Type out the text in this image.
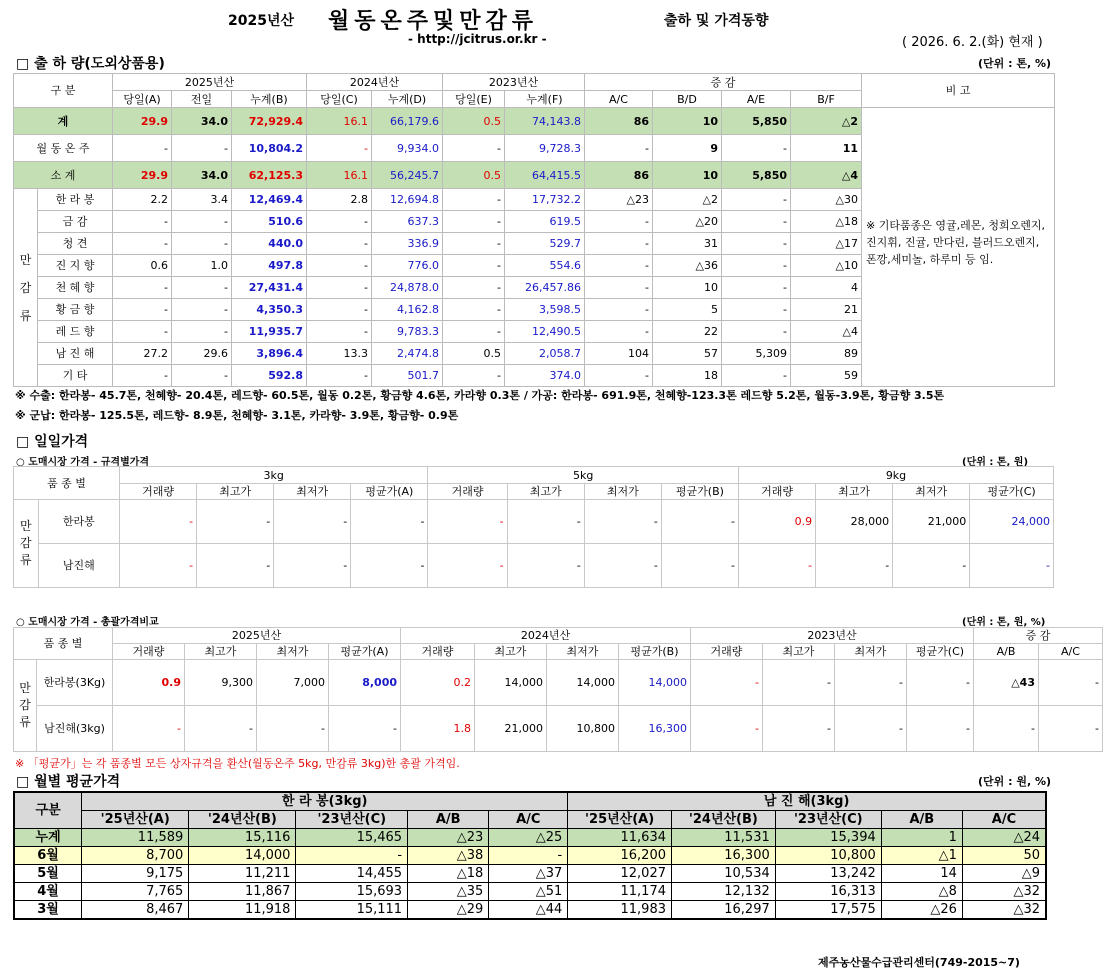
2025년산 월동온주및만감류	출하 및 가격동향
- http://jcitrus.or.kr -	( 2026. 6. 2.(화) 현재 )
□ 출 하 량(도외상품용)	(단위 : 톤, %)
구 분		2025년산			2024년산		2023년산		증 감				비 고
		당일(A)	전일	누계(B)	당일(C)	누계(D)	당일(E)	누계(F)	A/C	B/D	A/E	B/F	
계		29.9	34.0	72,929.4	16.1	66,179.6	0.5	74,143.8	86	10	5,850	△2	※ 기타품종은 영귤,레몬, 청희오렌지, 진지휘, 진귤, 만다린, 블러드오렌지, 폰깡,세미놀, 하루미 등 임.
월 동 온 주		-	-	10,804.2	-	9,934.0	-	9,728.3	-	9	-	11	
소 계		29.9	34.0	62,125.3	16.1	56,245.7	0.5	64,415.5	86	10	5,850	△4	
만 감 류	한 라 봉	2.2	3.4	12,469.4	2.8	12,694.8	-	17,732.2	△23	△2	-	△30	
	금 감	-	-	510.6	-	637.3	-	619.5	-	△20	-	△18	
	청 견	-	-	440.0	-	336.9	-	529.7	-	31	-	△17	
	진 지 향	0.6	1.0	497.8	-	776.0	-	554.6	-	△36	-	△10	
	천 혜 향	-	-	27,431.4	-	24,878.0	-	26,457.86	-	10	-	4	
	황 금 향	-	-	4,350.3	-	4,162.8	-	3,598.5	-	5	-	21	
	레 드 향	-	-	11,935.7	-	9,783.3	-	12,490.5	-	22	-	△4	
	남 진 해	27.2	29.6	3,896.4	13.3	2,474.8	0.5	2,058.7	104	57	5,309	89	
	기 타	-	-	592.8	-	501.7	-	374.0	-	18	-	59	
※ 수출: 한라봉- 45.7톤, 천혜향- 20.4톤, 레드향- 60.5톤, 월동 0.2톤, 황금향 4.6톤, 카라향 0.3톤 / 가공: 한라봉- 691.9톤, 천혜향-123.3톤 레드향 5.2톤, 월동-3.9톤, 황금향 3.5톤
※ 군납: 한라봉- 125.5톤, 레드향- 8.9톤, 천혜향- 3.1톤, 카라향- 3.9톤, 황금향- 0.9톤
□ 일일가격
○ 도매시장 가격 - 규격별가격	(단위 : 톤, 원)
품 종 별		3kg				5kg				9kg			
		거래량	최고가	최저가	평균가(A)	거래량	최고가	최저가	평균가(B)	거래량	최고가	최저가	평균가(C)
만 감 류	한라봉	-	-	-	-	-	-	-	-	0.9	28,000	21,000	24,000
	남진해	-	-	-	-	-	-	-	-	-	-	-	-
○ 도매시장 가격 - 총괄가격비교	(단위 : 톤, 원, %)
품 종 별		2025년산				2024년산				2023년산				증 감	
		거래량	최고가	최저가	평균가(A)	거래량	최고가	최저가	평균가(B)	거래량	최고가	최저가	평균가(C)	A/B	A/C
만 감 류	한라봉(3Kg)	0.9	9,300	7,000	8,000	0.2	14,000	14,000	14,000	-	-	-	-	△43	-
	남진해(3kg)	-	-	-	-	1.8	21,000	10,800	16,300	-	-	-	-	-	-
※ 「평균가」는 각 품종별 모든 상자규격을 환산(월동온주 5kg, 만감류 3kg)한 총괄 가격임.
□ 월별 평균가격	(단위 : 원, %)
구분	한 라 봉(3kg)					남 진 해(3kg)				
	'25년산(A)	'24년산(B)	'23년산(C)	A/B	A/C	'25년산(A)	'24년산(B)	'23년산(C)	A/B	A/C
누계	11,589	15,116	15,465	△23	△25	11,634	11,531	15,394	1	△24
6월	8,700	14,000	-	△38	-	16,200	16,300	10,800	△1	50
5월	9,175	11,211	14,455	△18	△37	12,027	10,534	13,242	14	△9
4월	7,765	11,867	15,693	△35	△51	11,174	12,132	16,313	△8	△32
3월	8,467	11,918	15,111	△29	△44	11,983	16,297	17,575	△26	△32
제주농산물수급관리센터(749-2015~7)
